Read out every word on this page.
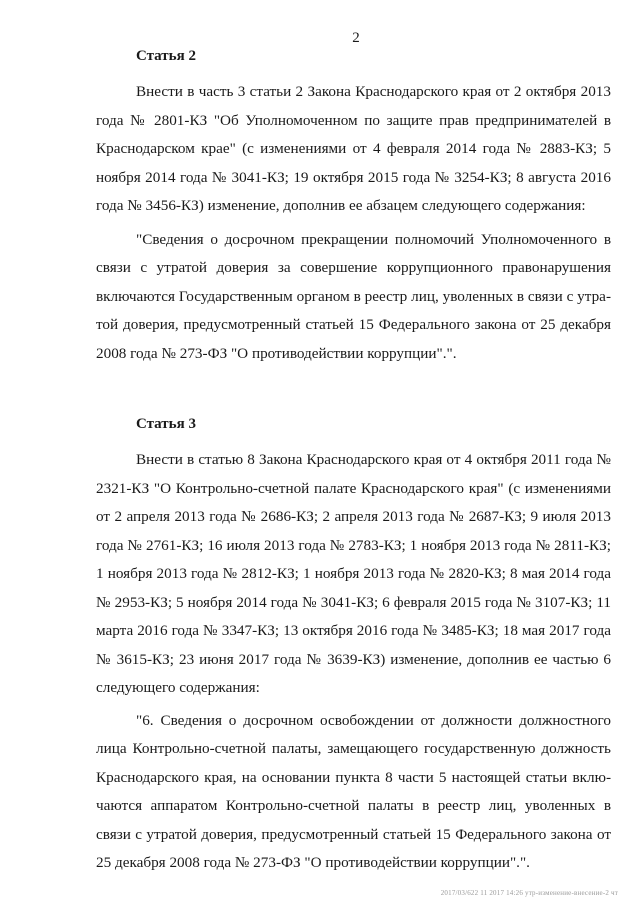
2
Статья 2

Внести в часть 3 статьи 2 Закона Краснодарского края от 2 октября 2013 года № 2801-КЗ "Об Уполномоченном по защите прав предпринимателей в Краснодарском крае" (с изменениями от 4 февраля 2014 года № 2883-КЗ; 5 ноября 2014 года № 3041-КЗ; 19 октября 2015 года № 3254-КЗ; 8 августа 2016 года № 3456-КЗ) изменение, дополнив ее абзацем следующего содержания:

"Сведения о досрочном прекращении полномочий Уполномоченного в связи с утратой доверия за совершение коррупционного правонарушения включаются Государственным органом в реестр лиц, уволенных в связи с утратой доверия, предусмотренный статьей 15 Федерального закона от 25 декабря 2008 года № 273-ФЗ "О противодействии коррупции".".

Статья 3

Внести в статью 8 Закона Краснодарского края от 4 октября 2011 года № 2321-КЗ "О Контрольно-счетной палате Краснодарского края" (с изменениями от 2 апреля 2013 года № 2686-КЗ; 2 апреля 2013 года № 2687-КЗ; 9 июля 2013 года № 2761-КЗ; 16 июля 2013 года № 2783-КЗ; 1 ноября 2013 года № 2811-КЗ; 1 ноября 2013 года № 2812-КЗ; 1 ноября 2013 года № 2820-КЗ; 8 мая 2014 года № 2953-КЗ; 5 ноября 2014 года № 3041-КЗ; 6 февраля 2015 года № 3107-КЗ; 11 марта 2016 года № 3347-КЗ; 13 октября 2016 года № 3485-КЗ; 18 мая 2017 года № 3615-КЗ; 23 июня 2017 года № 3639-КЗ) изменение, дополнив ее частью 6 следующего содержания:

"6. Сведения о досрочном освобождении от должности должностного лица Контрольно-счетной палаты, замещающего государственную должность Краснодарского края, на основании пункта 8 части 5 настоящей статьи включаются аппаратом Контрольно-счетной палаты в реестр лиц, уволенных в связи с утратой доверия, предусмотренный статьей 15 Федерального закона от 25 декабря 2008 года № 273-ФЗ "О противодействии коррупции".".

2017/03/622 11 2017 14:26 утр-изменение-внесение-2 чт
